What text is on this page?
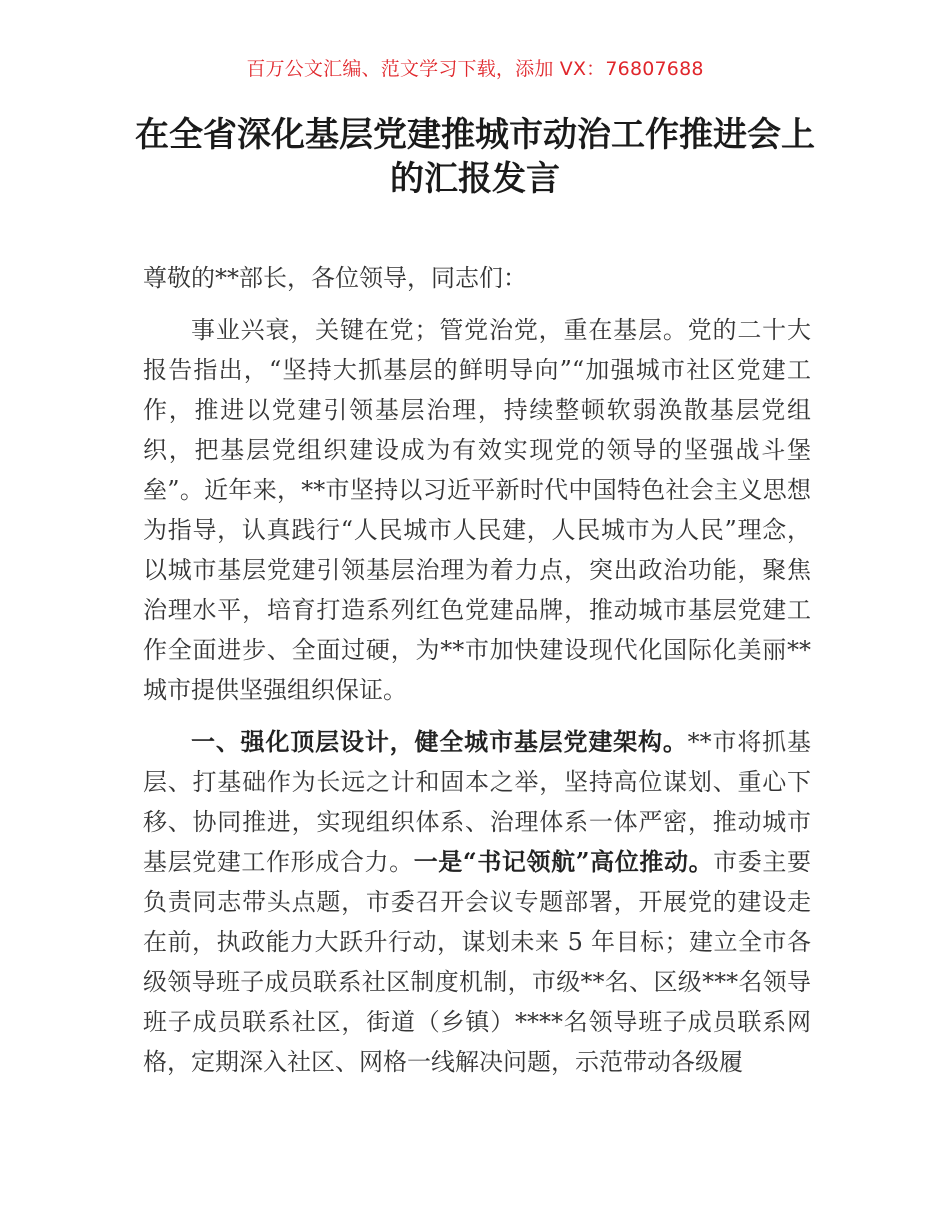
百万公文汇编、范文学习下载，添加 VX：76807688
在全省深化基层党建推城市动治工作推进会上的汇报发言

尊敬的**部长，各位领导，同志们：

事业兴衰，关键在党；管党治党，重在基层。党的二十大报告指出，“坚持大抓基层的鲜明导向”“加强城市社区党建工作，推进以党建引领基层治理，持续整顿软弱涣散基层党组织，把基层党组织建设成为有效实现党的领导的坚强战斗堡垒”。近年来，**市坚持以习近平新时代中国特色社会主义思想为指导，认真践行“人民城市人民建，人民城市为人民”理念，以城市基层党建引领基层治理为着力点，突出政治功能，聚焦治理水平，培育打造系列红色党建品牌，推动城市基层党建工作全面进步、全面过硬，为**市加快建设现代化国际化美丽**城市提供坚强组织保证。

一、强化顶层设计，健全城市基层党建架构。**市将抓基层、打基础作为长远之计和固本之举，坚持高位谋划、重心下移、协同推进，实现组织体系、治理体系一体严密，推动城市基层党建工作形成合力。一是“书记领航”高位推动。市委主要负责同志带头点题，市委召开会议专题部署，开展党的建设走在前，执政能力大跃升行动，谋划未来 5 年目标；建立全市各级领导班子成员联系社区制度机制，市级**名、区级***名领导班子成员联系社区，街道（乡镇）****名领导班子成员联系网格，定期深入社区、网格一线解决问题，示范带动各级履
